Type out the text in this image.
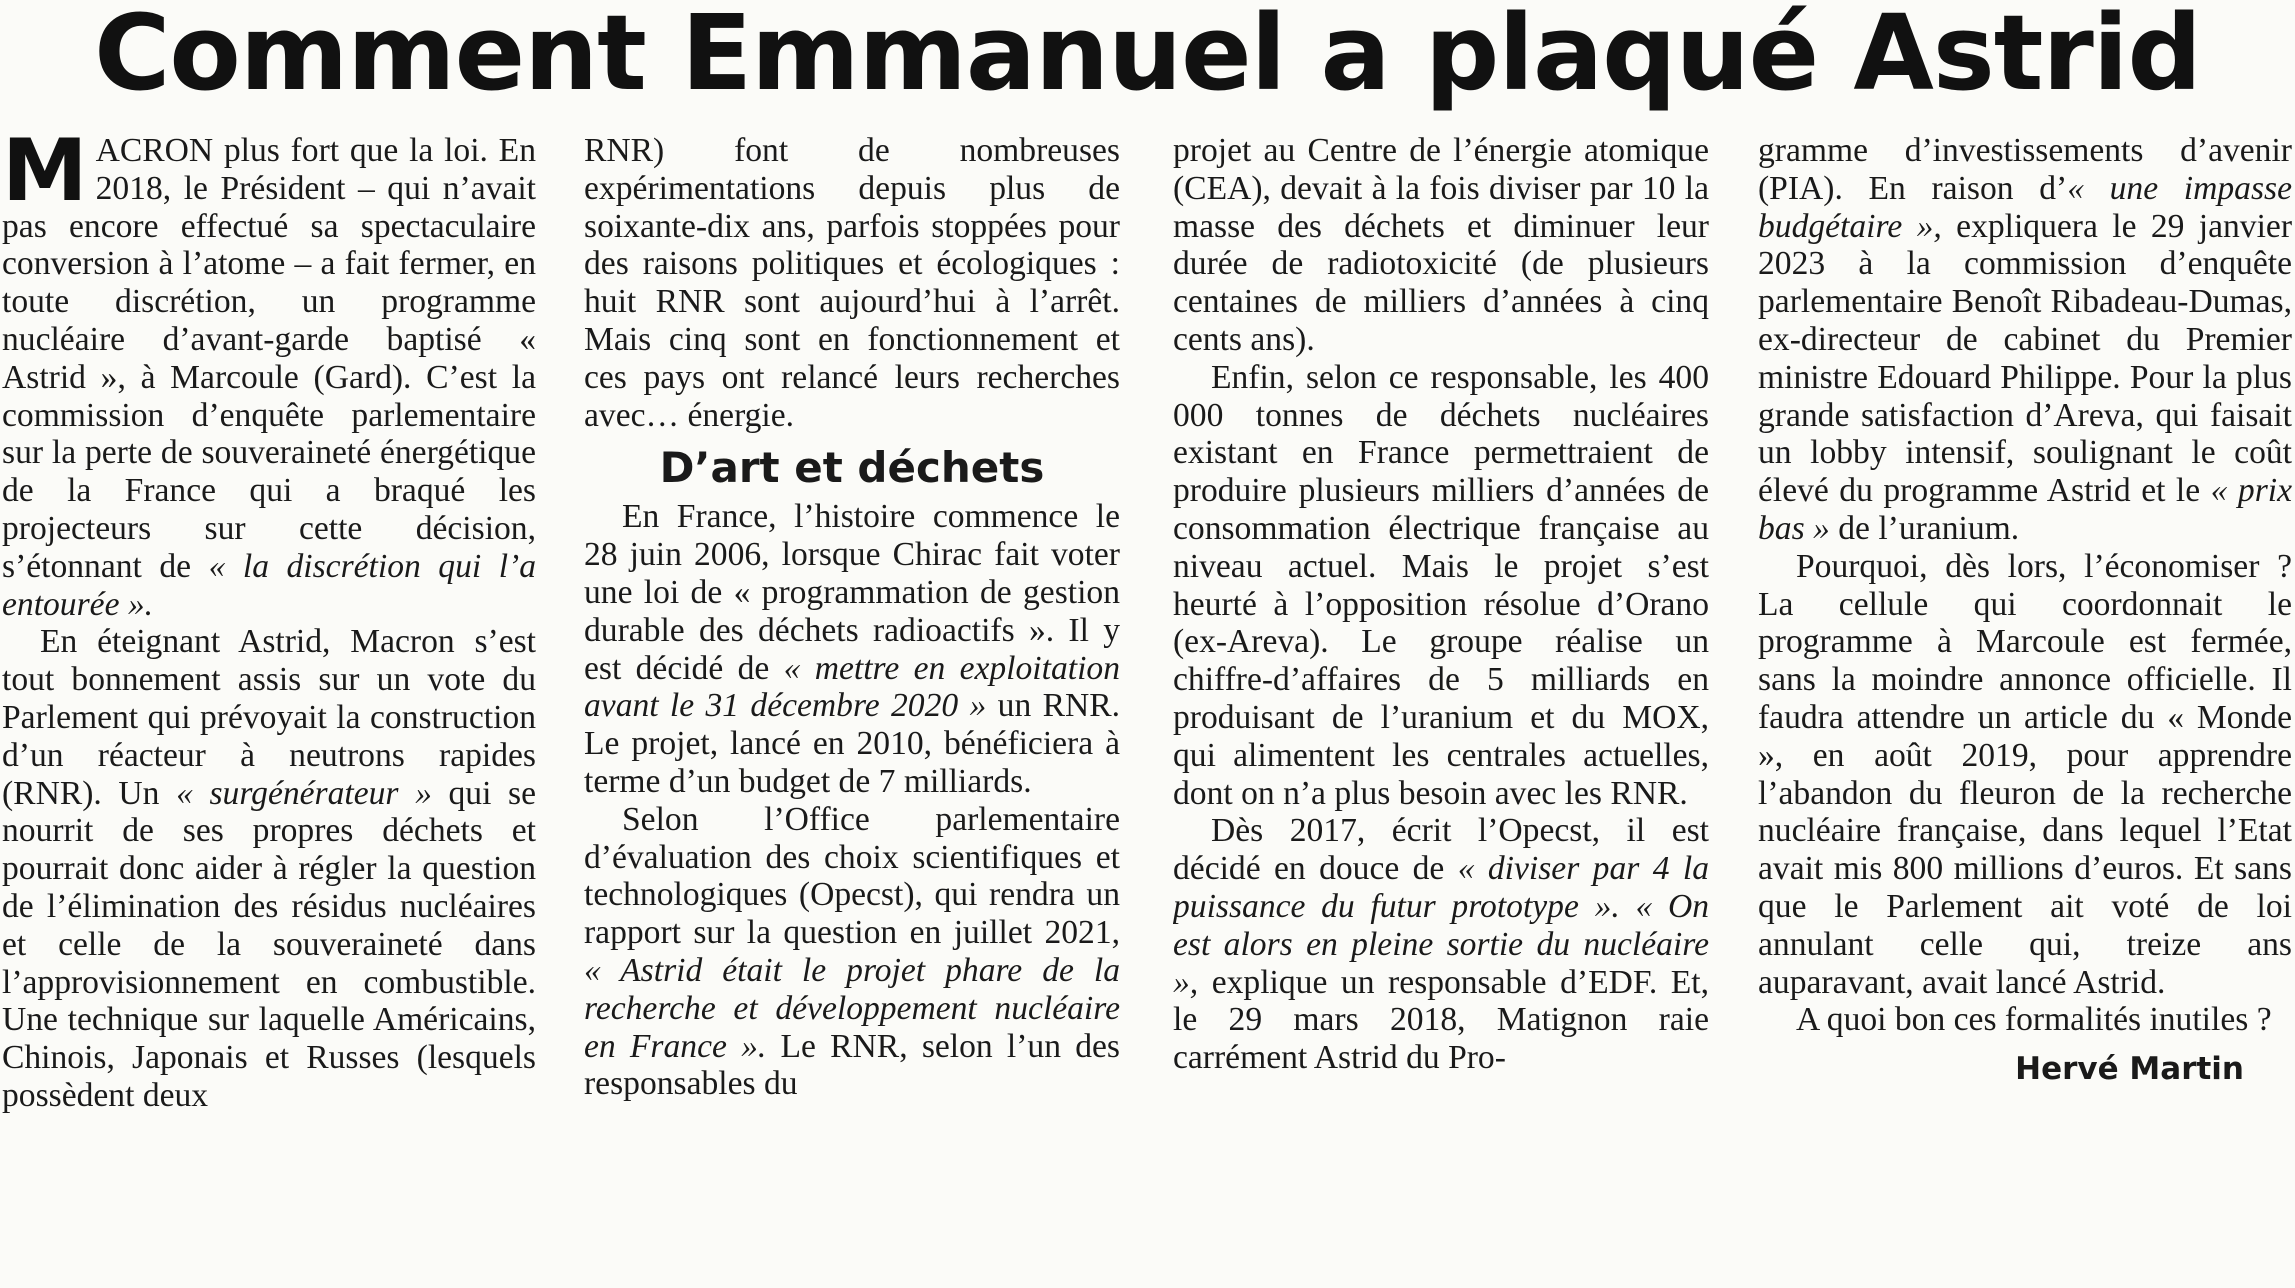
Comment Emmanuel a plaqué Astrid

MACRON plus fort que la loi. En 2018, le Président – qui n’avait pas encore effectué sa spectaculaire conversion à l’atome – a fait fermer, en toute discrétion, un programme nucléaire d’avant-garde baptisé « Astrid », à Marcoule (Gard). C’est la commission d’enquête parlementaire sur la perte de souveraineté énergétique de la France qui a braqué les projecteurs sur cette décision, s’étonnant de « la discrétion qui l’a entourée ».

En éteignant Astrid, Macron s’est tout bonnement assis sur un vote du Parlement qui prévoyait la construction d’un réacteur à neutrons rapides (RNR). Un « surgénérateur » qui se nourrit de ses propres déchets et pourrait donc aider à régler la question de l’élimination des résidus nucléaires et celle de la souveraineté dans l’approvisionnement en combustible. Une technique sur laquelle Américains, Chinois, Japonais et Russes (lesquels possèdent deux

RNR) font de nombreuses expérimentations depuis plus de soixante-dix ans, parfois stoppées pour des raisons politiques et écologiques : huit RNR sont aujourd’hui à l’arrêt. Mais cinq sont en fonctionnement et ces pays ont relancé leurs recherches avec… énergie.

D’art et déchets

En France, l’histoire commence le 28 juin 2006, lorsque Chirac fait voter une loi de « programmation de gestion durable des déchets radioactifs ». Il y est décidé de « mettre en exploitation avant le 31 décembre 2020 » un RNR. Le projet, lancé en 2010, bénéficiera à terme d’un budget de 7 milliards.

Selon l’Office parlementaire d’évaluation des choix scientifiques et technologiques (Opecst), qui rendra un rapport sur la question en juillet 2021, « Astrid était le projet phare de la recherche et développement nucléaire en France ». Le RNR, selon l’un des responsables du

projet au Centre de l’énergie atomique (CEA), devait à la fois diviser par 10 la masse des déchets et diminuer leur durée de radiotoxicité (de plusieurs centaines de milliers d’années à cinq cents ans).

Enfin, selon ce responsable, les 400 000 tonnes de déchets nucléaires existant en France permettraient de produire plusieurs milliers d’années de consommation électrique française au niveau actuel. Mais le projet s’est heurté à l’opposition résolue d’Orano (ex-Areva). Le groupe réalise un chiffre-d’affaires de 5 milliards en produisant de l’uranium et du MOX, qui alimentent les centrales actuelles, dont on n’a plus besoin avec les RNR.

Dès 2017, écrit l’Opecst, il est décidé en douce de « diviser par 4 la puissance du futur prototype ». « On est alors en pleine sortie du nucléaire », explique un responsable d’EDF. Et, le 29 mars 2018, Matignon raie carrément Astrid du Pro-

gramme d’investissements d’avenir (PIA). En raison d’« une impasse budgétaire », expliquera le 29 janvier 2023 à la commission d’enquête parlementaire Benoît Ribadeau-Dumas, ex-directeur de cabinet du Premier ministre Edouard Philippe. Pour la plus grande satisfaction d’Areva, qui faisait un lobby intensif, soulignant le coût élevé du programme Astrid et le « prix bas » de l’uranium.

Pourquoi, dès lors, l’économiser ? La cellule qui coordonnait le programme à Marcoule est fermée, sans la moindre annonce officielle. Il faudra attendre un article du « Monde », en août 2019, pour apprendre l’abandon du fleuron de la recherche nucléaire française, dans lequel l’Etat avait mis 800 millions d’euros. Et sans que le Parlement ait voté de loi annulant celle qui, treize ans auparavant, avait lancé Astrid.

A quoi bon ces formalités inutiles ?

Hervé Martin
